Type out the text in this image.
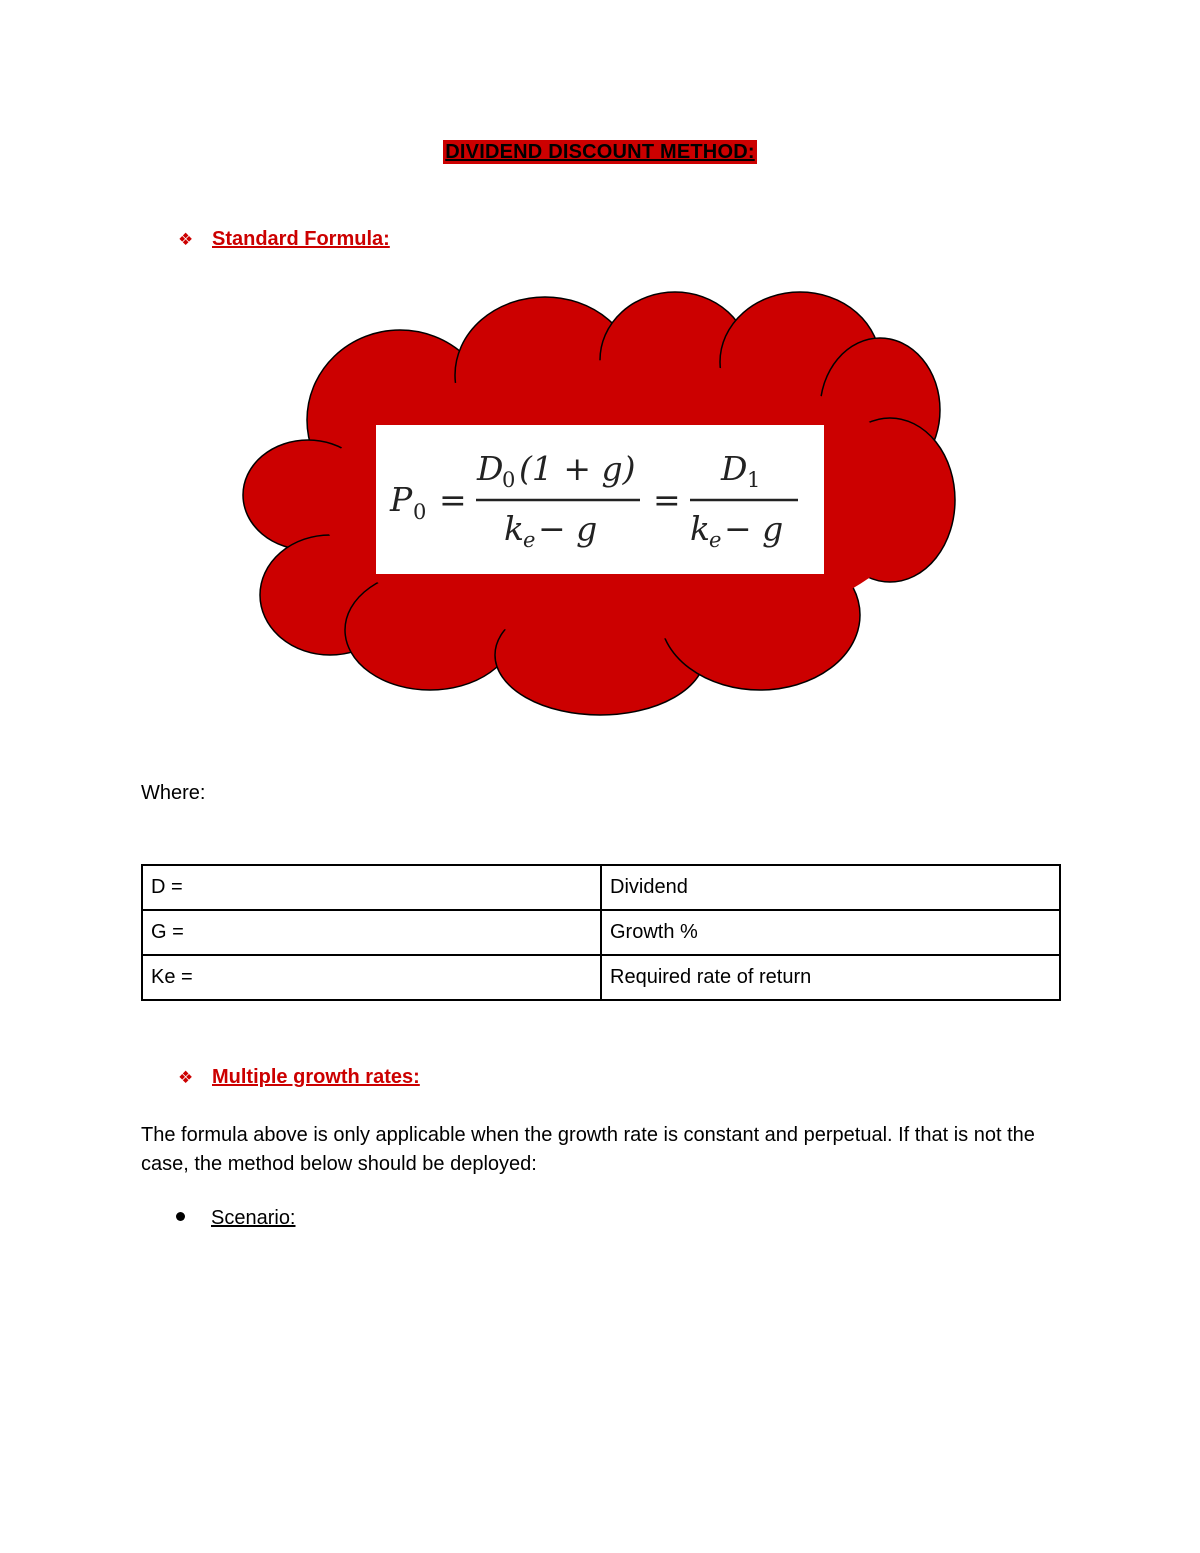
DIVIDEND DISCOUNT METHOD:
❖ Standard Formula:
P 0 =
D
0 (1 + g)
k e − g
=
D 1
k e − g
Where:
D =	Dividend
G =	Growth %
Ke =	Required rate of return
❖ Multiple growth rates:
The formula above is only applicable when the growth rate is constant and perpetual. If that is not the case, the method below should be deployed:
Scenario:
